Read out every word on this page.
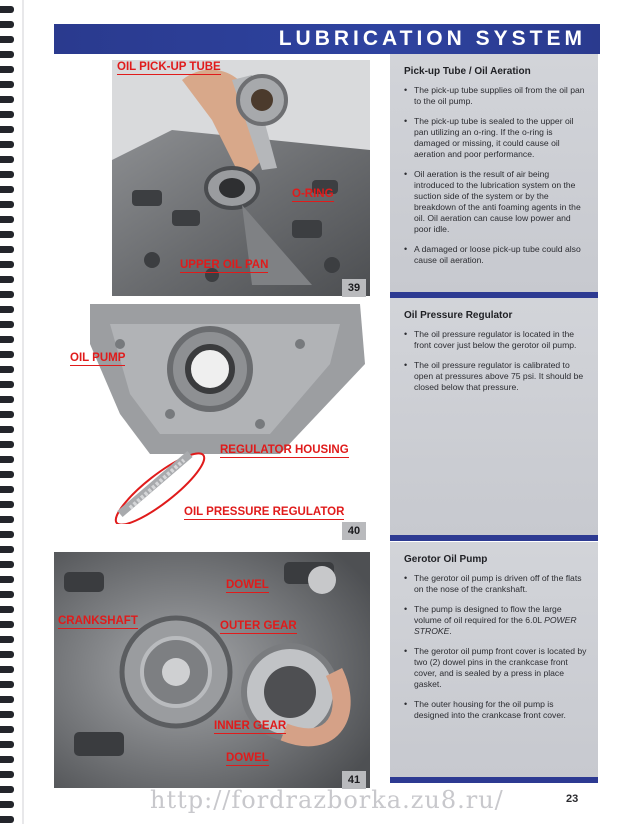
LUBRICATION SYSTEM
OIL PICK-UP TUBE
O-RING
UPPER OIL PAN
39
OIL PUMP
REGULATOR HOUSING
OIL PRESSURE REGULATOR
40
DOWEL
CRANKSHAFT	OUTER GEAR
INNER GEAR
DOWEL
41
Pick-up Tube / Oil Aeration
• The pick-up tube supplies oil from the oil pan to the oil pump.
• The pick-up tube is sealed to the upper oil pan utilizing an o-ring. If the o-ring is damaged or missing, it could cause oil aeration and poor performance.
• Oil aeration is the result of air being introduced to the lubrication system on the suction side of the system or by the breakdown of the anti foaming agents in the oil. Oil aeration can cause low power and poor idle.
• A damaged or loose pick-up tube could also cause oil aeration.
Oil Pressure Regulator
• The oil pressure regulator is located in the front cover just below the gerotor oil pump.
• The oil pressure regulator is calibrated to open at pressures above 75 psi. It should be closed below that pressure.
Gerotor Oil Pump
• The gerotor oil pump is driven off of the flats on the nose of the crankshaft.
• The pump is designed to flow the large volume of oil required for the 6.0L POWER STROKE.
• The gerotor oil pump front cover is located by two (2) dowel pins in the crankcase front cover, and is sealed by a press in place gasket.
• The outer housing for the oil pump is designed into the crankcase front cover.
http://fordrazborka.zu8.ru/	23
